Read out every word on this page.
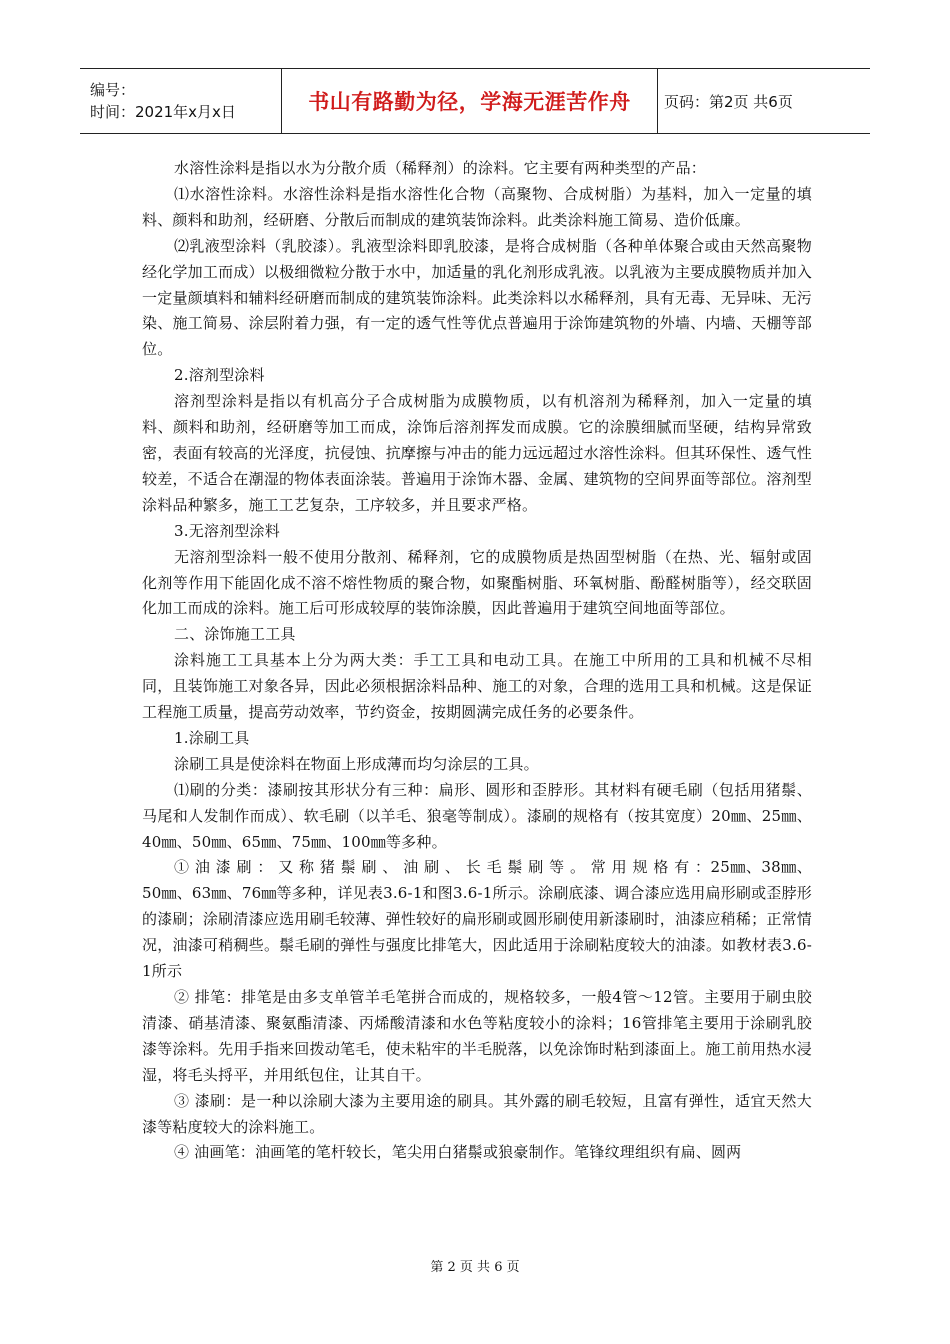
编号：
时间：2021年x月x日	书山有路勤为径，学海无涯苦作舟 页码：第2页 共6页

水溶性涂料是指以水为分散介质（稀释剂）的涂料。它主要有两种类型的产品：

⑴水溶性涂料。水溶性涂料是指水溶性化合物（高聚物、合成树脂）为基料，加入一定量的填料、颜料和助剂，经研磨、分散后而制成的建筑装饰涂料。此类涂料施工简易、造价低廉。

⑵乳液型涂料（乳胶漆）。乳液型涂料即乳胶漆，是将合成树脂（各种单体聚合或由天然高聚物经化学加工而成）以极细微粒分散于水中，加适量的乳化剂形成乳液。以乳液为主要成膜物质并加入一定量颜填料和辅料经研磨而制成的建筑装饰涂料。此类涂料以水稀释剂，具有无毒、无异味、无污染、施工简易、涂层附着力强，有一定的透气性等优点普遍用于涂饰建筑物的外墙、内墙、天棚等部位。

2.溶剂型涂料

溶剂型涂料是指以有机高分子合成树脂为成膜物质，以有机溶剂为稀释剂，加入一定量的填料、颜料和助剂，经研磨等加工而成，涂饰后溶剂挥发而成膜。它的涂膜细腻而坚硬，结构异常致密，表面有较高的光泽度，抗侵蚀、抗摩擦与冲击的能力远远超过水溶性涂料。但其环保性、透气性较差，不适合在潮湿的物体表面涂装。普遍用于涂饰木器、金属、建筑物的空间界面等部位。溶剂型涂料品种繁多，施工工艺复杂，工序较多，并且要求严格。

3.无溶剂型涂料

无溶剂型涂料一般不使用分散剂、稀释剂，它的成膜物质是热固型树脂（在热、光、辐射或固化剂等作用下能固化成不溶不熔性物质的聚合物，如聚酯树脂、环氧树脂、酚醛树脂等），经交联固化加工而成的涂料。施工后可形成较厚的装饰涂膜，因此普遍用于建筑空间地面等部位。

二、涂饰施工工具

涂料施工工具基本上分为两大类：手工工具和电动工具。在施工中所用的工具和机械不尽相同，且装饰施工对象各异，因此必须根据涂料品种、施工的对象，合理的选用工具和机械。这是保证工程施工质量，提高劳动效率，节约资金，按期圆满完成任务的必要条件。

1.涂刷工具

涂刷工具是使涂料在物面上形成薄而均匀涂层的工具。

⑴刷的分类：漆刷按其形状分有三种：扁形、圆形和歪脖形。其材料有硬毛刷（包括用猪鬃、马尾和人发制作而成）、软毛刷（以羊毛、狼毫等制成）。漆刷的规格有（按其宽度）20㎜、25㎜、40㎜、50㎜、65㎜、75㎜、100㎜等多种。

① 油 漆 刷 ： 又 称 猪 鬃 刷 、 油 刷 、 长 毛 鬃 刷 等 。 常 用 规 格 有 ：25㎜、38㎜、50㎜、63㎜、76㎜等多种，详见表3.6-1和图3.6-1所示。涂刷底漆、调合漆应选用扁形刷或歪脖形的漆刷；涂刷清漆应选用刷毛较薄、弹性较好的扁形刷或圆形刷使用新漆刷时，油漆应稍稀；正常情况，油漆可稍稠些。鬃毛刷的弹性与强度比排笔大，因此适用于涂刷粘度较大的油漆。如教材表3.6-1所示

② 排笔：排笔是由多支单管羊毛笔拼合而成的，规格较多，一般4管～12管。主要用于刷虫胶清漆、硝基清漆、聚氨酯清漆、丙烯酸清漆和水色等粘度较小的涂料；16管排笔主要用于涂刷乳胶漆等涂料。先用手指来回拨动笔毛，使未粘牢的半毛脱落，以免涂饰时粘到漆面上。施工前用热水浸湿，将毛头捋平，并用纸包住，让其自干。

③ 漆刷：是一种以涂刷大漆为主要用途的刷具。其外露的刷毛较短，且富有弹性，适宜天然大漆等粘度较大的涂料施工。

④ 油画笔：油画笔的笔杆较长，笔尖用白猪鬃或狼豪制作。笔锋纹理组织有扁、圆两

第 2 页 共 6 页
